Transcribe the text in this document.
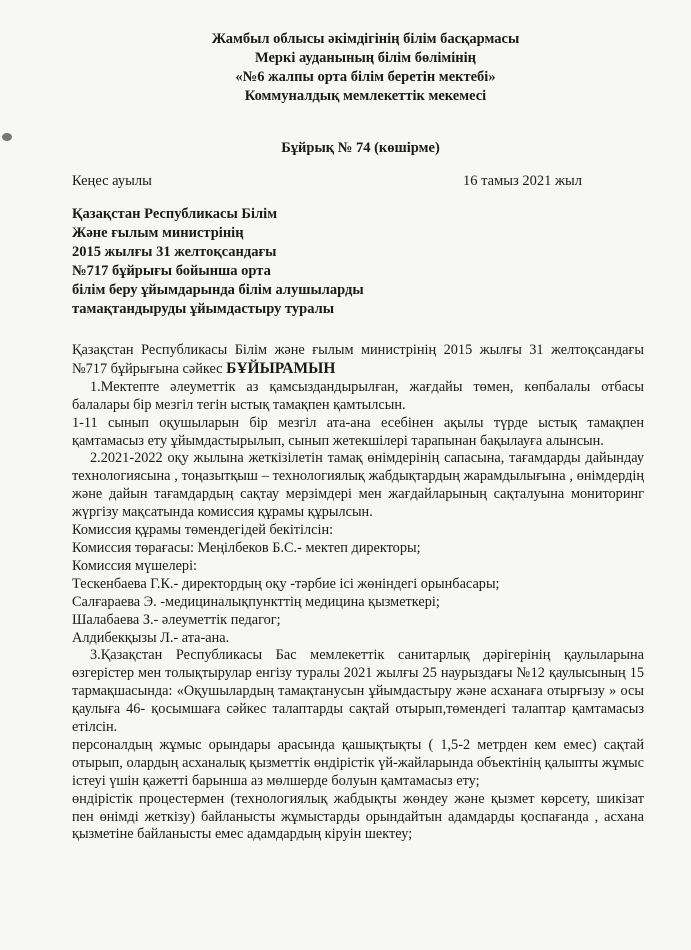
Жамбыл облысы әкімдігінің білім басқармасы
Меркі ауданының білім бөлімінің
«№6 жалпы орта білім беретін мектебі»
Коммуналдық мемлекеттік мекемесі
Бұйрық № 74 (көшірме)
Кеңес ауылы	16 тамыз 2021 жыл
Қазақстан Республикасы Білім
Және ғылым министрінің
2015 жылғы 31 желтоқсандағы
№717 бұйрығы бойынша орта
білім беру ұйымдарында білім алушыларды
тамақтандыруды ұйымдастыру туралы

Қазақстан Республикасы Білім және ғылым министрінің 2015 жылғы 31 желтоқсандағы №717 бұйрығына сәйкес БҰЙЫРАМЫН

1.Мектепте әлеуметтік аз қамсыздандырылған, жағдайы төмен, көпбалалы отбасы балалары бір мезгіл тегін ыстық тамақпен қамтылсын.

1-11 сынып оқушыларын бір мезгіл ата-ана есебінен ақылы түрде ыстық тамақпен қамтамасыз ету ұйымдастырылып, сынып жетекшілері тарапынан бақылауға алынсын.

2.2021-2022 оқу жылына жеткізілетін тамақ өнімдерінің сапасына, тағамдарды дайындау технологиясына , тоңазытқыш – технологиялық жабдықтардың жарамдылығына , өнімдердің және дайын тағамдардың сақтау мерзімдері мен жағдайларының сақталуына мониторинг жүргізу мақсатында комиссия құрамы құрылсын.

Комиссия құрамы төмендегідей бекітілсін:

Комиссия төрағасы: Меңілбеков Б.С.- мектеп директоры;

Комиссия мүшелері:

Тескенбаева Г.К.- директордың оқу -тәрбие ісі жөніндегі орынбасары;

Салғараева Э. -медициналықпункттің медицина қызметкері;

Шалабаева З.- әлеуметтік педагог;

Алдибекқызы Л.- ата-ана.

3.Қазақстан Республикасы Бас мемлекеттік санитарлық дәрігерінің қаулыларына өзгерістер мен толықтырулар енгізу туралы 2021 жылғы 25 наурыздағы №12 қаулысының 15 тармақшасында: «Оқушылардың тамақтанусын ұйымдастыру және асханаға отырғызу » осы қаулыға 46- қосымшаға сәйкес талаптарды сақтай отырып,төмендегі талаптар қамтамасыз етілсін.

персоналдың жұмыс орындары арасында қашықтықты ( 1,5-2 метрден кем емес) сақтай отырып, олардың асханалық қызметтік өндірістік үй-жайларында объектінің қалыпты жұмыс істеуі үшін қажетті барынша аз мөлшерде болуын қамтамасыз ету;

өндірістік процестермен (технологиялық жабдықты жөндеу және қызмет көрсету, шикізат пен өнімді жеткізу) байланысты жұмыстарды орындайтын адамдарды қоспағанда , асхана қызметіне байланысты емес адамдардың кіруін шектеу;
